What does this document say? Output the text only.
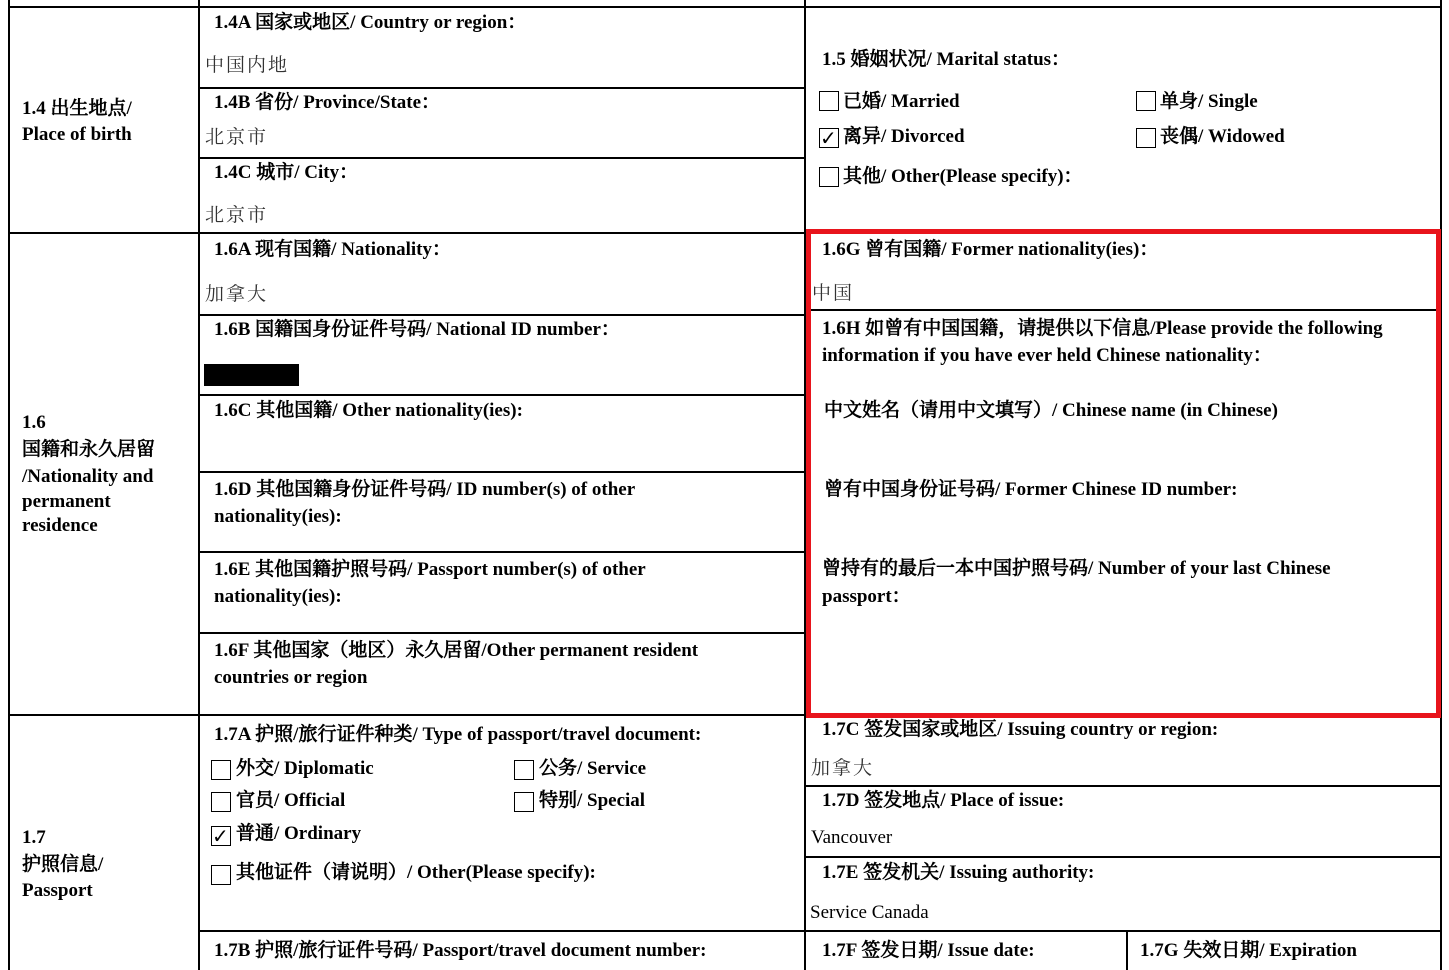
1.4 出生地点/
Place of birth
1.4A 国家或地区/ Country or region：
中国内地
1.4B 省份/ Province/State：
北京市
1.4C 城市/ City：
北京市
1.5 婚姻状况/ Marital status：
已婚/ Married	单身/ Single
✓ 离异/ Divorced	丧偶/ Widowed
其他/ Other(Please specify)：
1.6
国籍和永久居留
/Nationality and
permanent
residence
1.6A 现有国籍/ Nationality：
加拿大
1.6B 国籍国身份证件号码/ National ID number：
1.6C 其他国籍/ Other nationality(ies):
1.6D 其他国籍身份证件号码/ ID number(s) of other
nationality(ies):
1.6E 其他国籍护照号码/ Passport number(s) of other
nationality(ies):
1.6F 其他国家（地区）永久居留/Other permanent resident
countries or region
1.6G 曾有国籍/ Former nationality(ies)：
中国
1.6H 如曾有中国国籍，请提供以下信息/Please provide the following
information if you have ever held Chinese nationality：
中文姓名（请用中文填写）/ Chinese name (in Chinese)
曾有中国身份证号码/ Former Chinese ID number:
曾持有的最后一本中国护照号码/ Number of your last Chinese
passport：
1.7
护照信息/
Passport
1.7A 护照/旅行证件种类/ Type of passport/travel document:
外交/ Diplomatic	公务/ Service
官员/ Official	特别/ Special
✓ 普通/ Ordinary
其他证件（请说明）/ Other(Please specify):
1.7B 护照/旅行证件号码/ Passport/travel document number:
1.7C 签发国家或地区/ Issuing country or region:
加拿大
1.7D 签发地点/ Place of issue:
Vancouver
1.7E 签发机关/ Issuing authority:
Service Canada
1.7F 签发日期/ Issue date:	1.7G 失效日期/ Expiration
